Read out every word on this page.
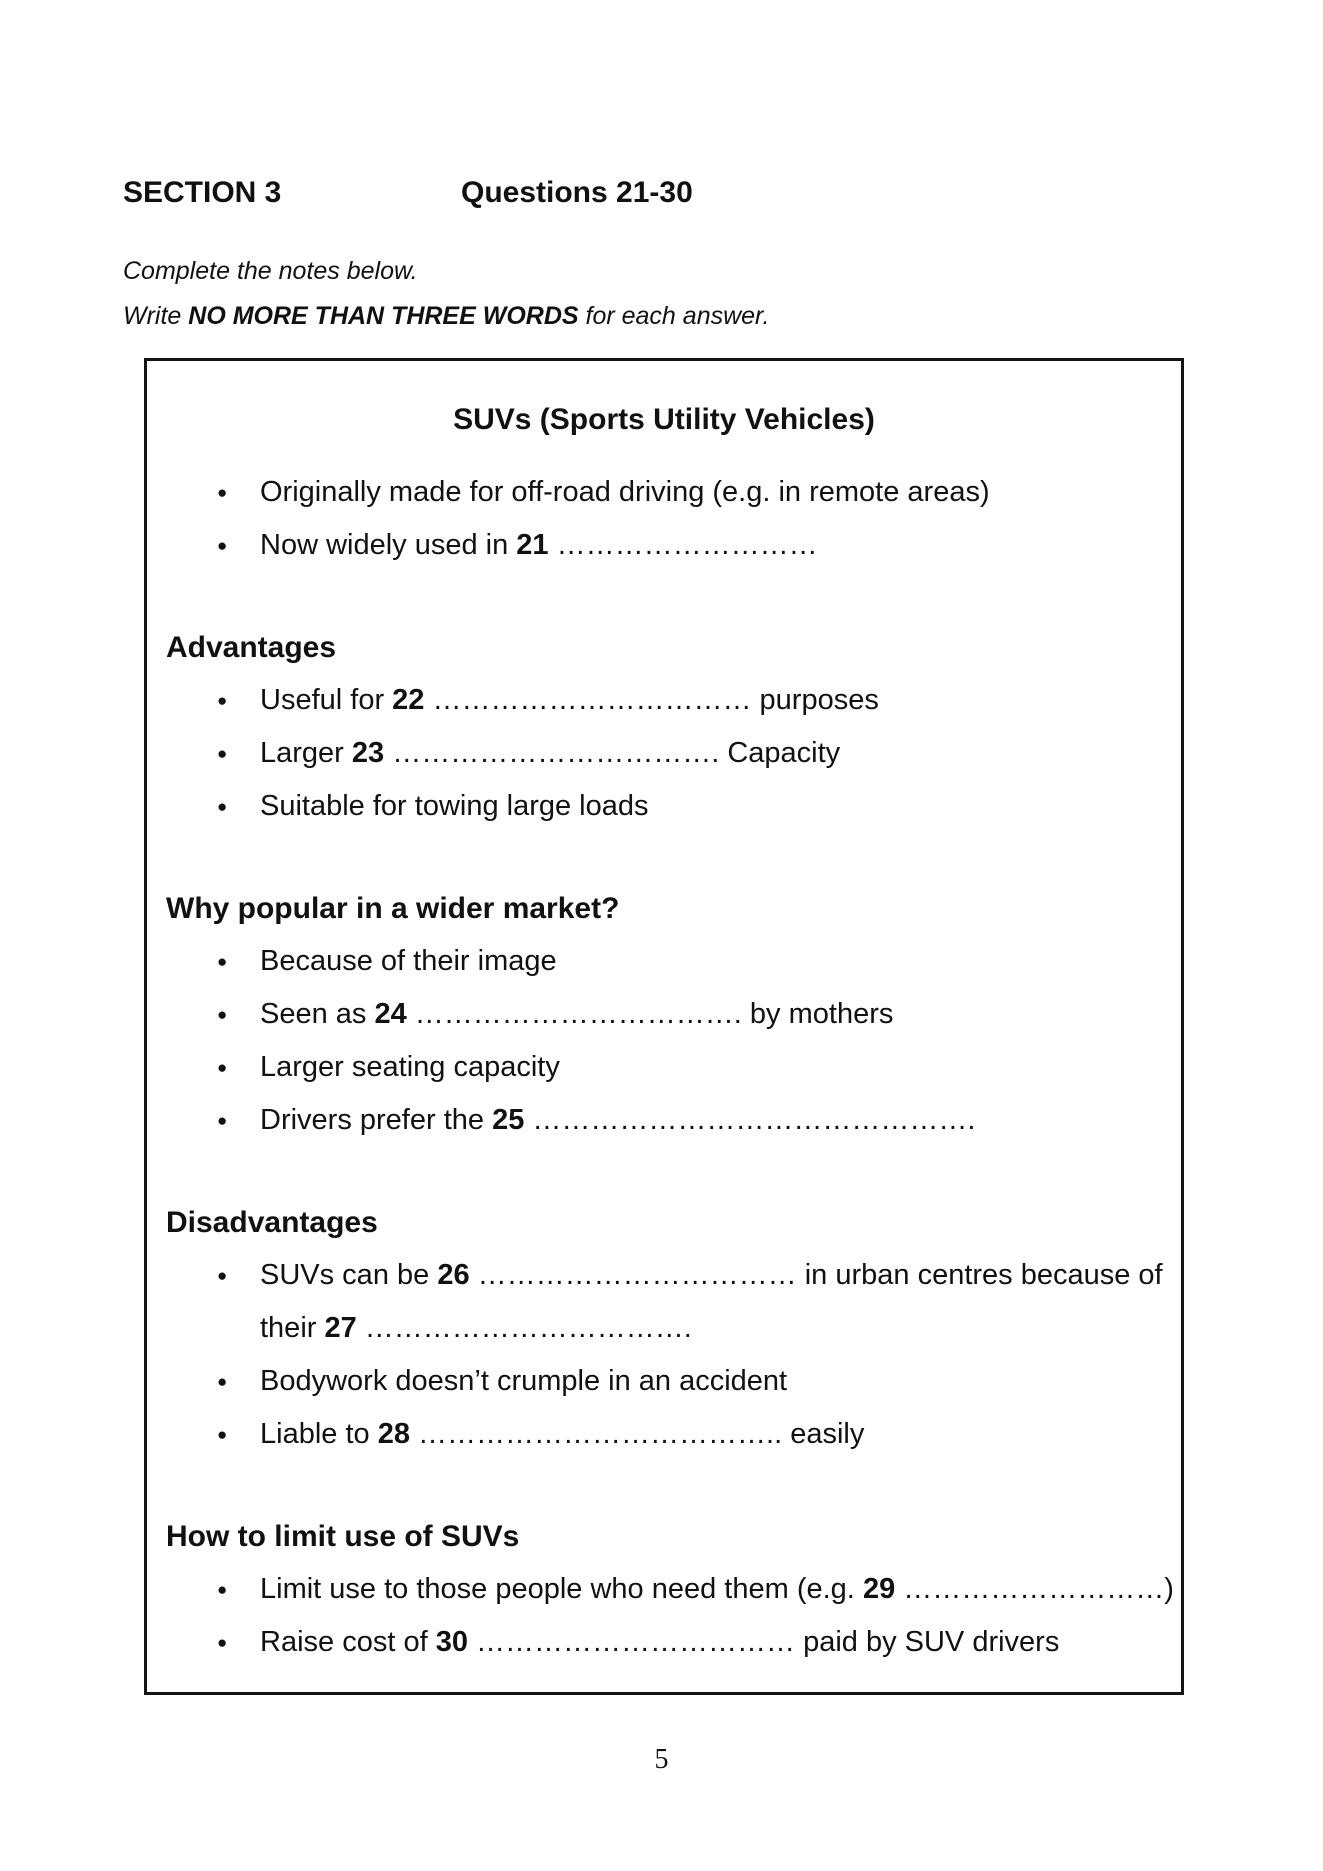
SECTION 3	Questions 21-30
Complete the notes below.
Write NO MORE THAN THREE WORDS for each answer.
SUVs (Sports Utility Vehicles)
●	Originally made for off-road driving (e.g. in remote areas)
●	Now widely used in 21 ………………………
Advantages
●	Useful for 22 …………………………… purposes
●	Larger 23 ……………………………. Capacity
●	Suitable for towing large loads
Why popular in a wider market?
●	Because of their image
●	Seen as 24 ……………………………. by mothers
●	Larger seating capacity
●	Drivers prefer the 25 ……………………………………….
Disadvantages
●	SUVs can be 26 …………………………… in urban centres because of
their 27 …………………………….
●	Bodywork doesn’t crumple in an accident
●	Liable to 28 ……………………………….. easily
How to limit use of SUVs
●	Limit use to those people who need them (e.g. 29 ………………………)
●	Raise cost of 30 …………………………… paid by SUV drivers
5
